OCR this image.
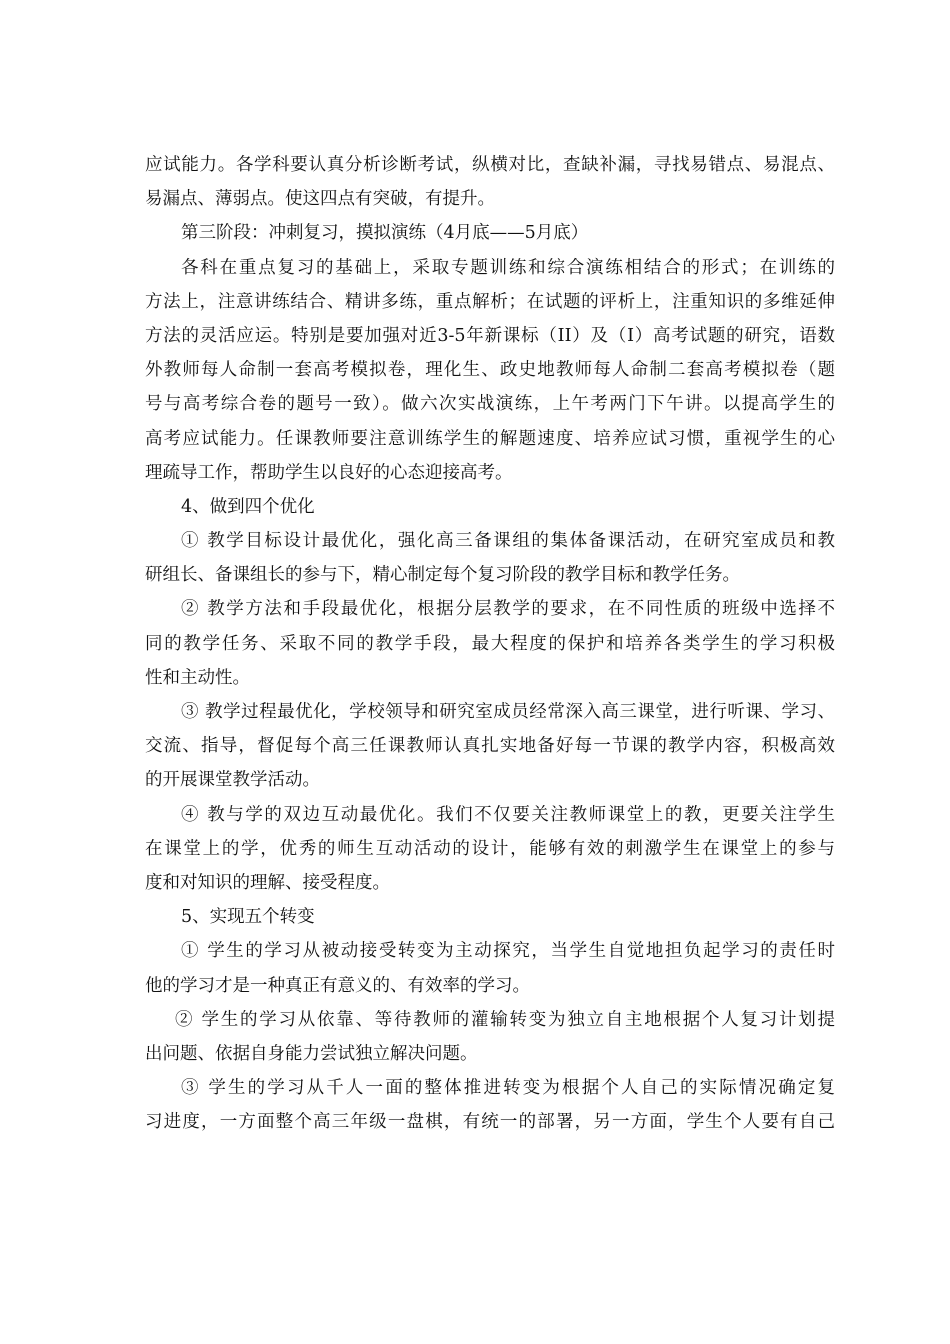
应试能力。各学科要认真分析诊断考试，纵横对比，查缺补漏，寻找易错点、易混点、
易漏点、薄弱点。使这四点有突破，有提升。
第三阶段：冲刺复习，摸拟演练（4月底——5月底）
各科在重点复习的基础上，采取专题训练和综合演练相结合的形式；在训练的
方法上，注意讲练结合、精讲多练，重点解析；在试题的评析上，注重知识的多维延伸
方法的灵活应运。特别是要加强对近3-5年新课标（II）及（I）高考试题的研究，语数
外教师每人命制一套高考模拟卷，理化生、政史地教师每人命制二套高考模拟卷（题
号与高考综合卷的题号一致）。做六次实战演练，上午考两门下午讲。以提高学生的
高考应试能力。任课教师要注意训练学生的解题速度、培养应试习惯，重视学生的心
理疏导工作，帮助学生以良好的心态迎接高考。
4、做到四个优化
① 教学目标设计最优化，强化高三备课组的集体备课活动，在研究室成员和教
研组长、备课组长的参与下，精心制定每个复习阶段的教学目标和教学任务。
② 教学方法和手段最优化，根据分层教学的要求，在不同性质的班级中选择不
同的教学任务、采取不同的教学手段，最大程度的保护和培养各类学生的学习积极
性和主动性。
③ 教学过程最优化，学校领导和研究室成员经常深入高三课堂，进行听课、学习、
交流、指导，督促每个高三任课教师认真扎实地备好每一节课的教学内容，积极高效
的开展课堂教学活动。
④ 教与学的双边互动最优化。我们不仅要关注教师课堂上的教，更要关注学生
在课堂上的学，优秀的师生互动活动的设计，能够有效的刺激学生在课堂上的参与
度和对知识的理解、接受程度。
5、实现五个转变
① 学生的学习从被动接受转变为主动探究，当学生自觉地担负起学习的责任时
他的学习才是一种真正有意义的、有效率的学习。
② 学生的学习从依靠、等待教师的灌输转变为独立自主地根据个人复习计划提
出问题、依据自身能力尝试独立解决问题。
③ 学生的学习从千人一面的整体推进转变为根据个人自己的实际情况确定复
习进度，一方面整个高三年级一盘棋，有统一的部署，另一方面，学生个人要有自己
